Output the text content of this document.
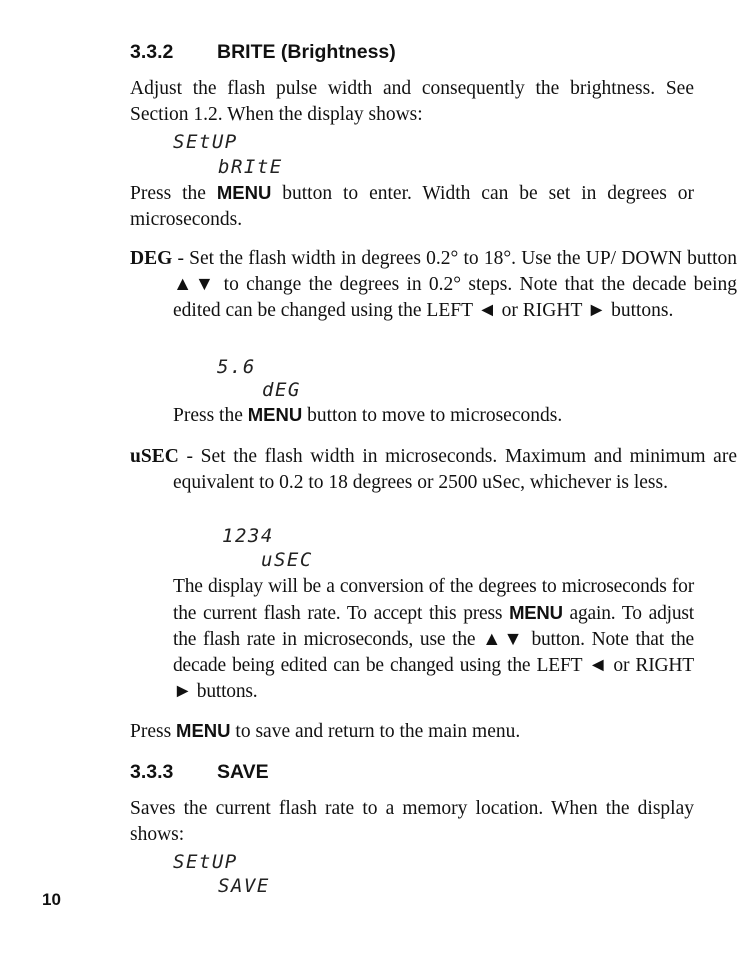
3.3.2 BRITE (Brightness)
Adjust the flash pulse width and consequently the brightness. See Section 1.2. When the display shows:
SEtUP
bRItE
Press the MENU button to enter. Width can be set in degrees or microseconds.
DEG - Set the flash width in degrees 0.2° to 18°. Use the UP/ DOWN button ▲▼ to change the degrees in 0.2° steps. Note that the decade being edited can be changed using the LEFT ◄ or RIGHT ► buttons.
5.6
dEG
Press the MENU button to move to microseconds.
uSEC - Set the flash width in microseconds. Maximum and minimum are equivalent to 0.2 to 18 degrees or 2500 uSec, whichever is less.
1234
uSEC
The display will be a conversion of the degrees to microseconds for the current flash rate. To accept this press MENU again. To adjust the flash rate in microseconds, use the ▲▼ button. Note that the decade being edited can be changed using the LEFT ◄ or RIGHT ► buttons.
Press MENU to save and return to the main menu.
3.3.3 SAVE
Saves the current flash rate to a memory location. When the display shows:
SEtUP
SAVE
10
